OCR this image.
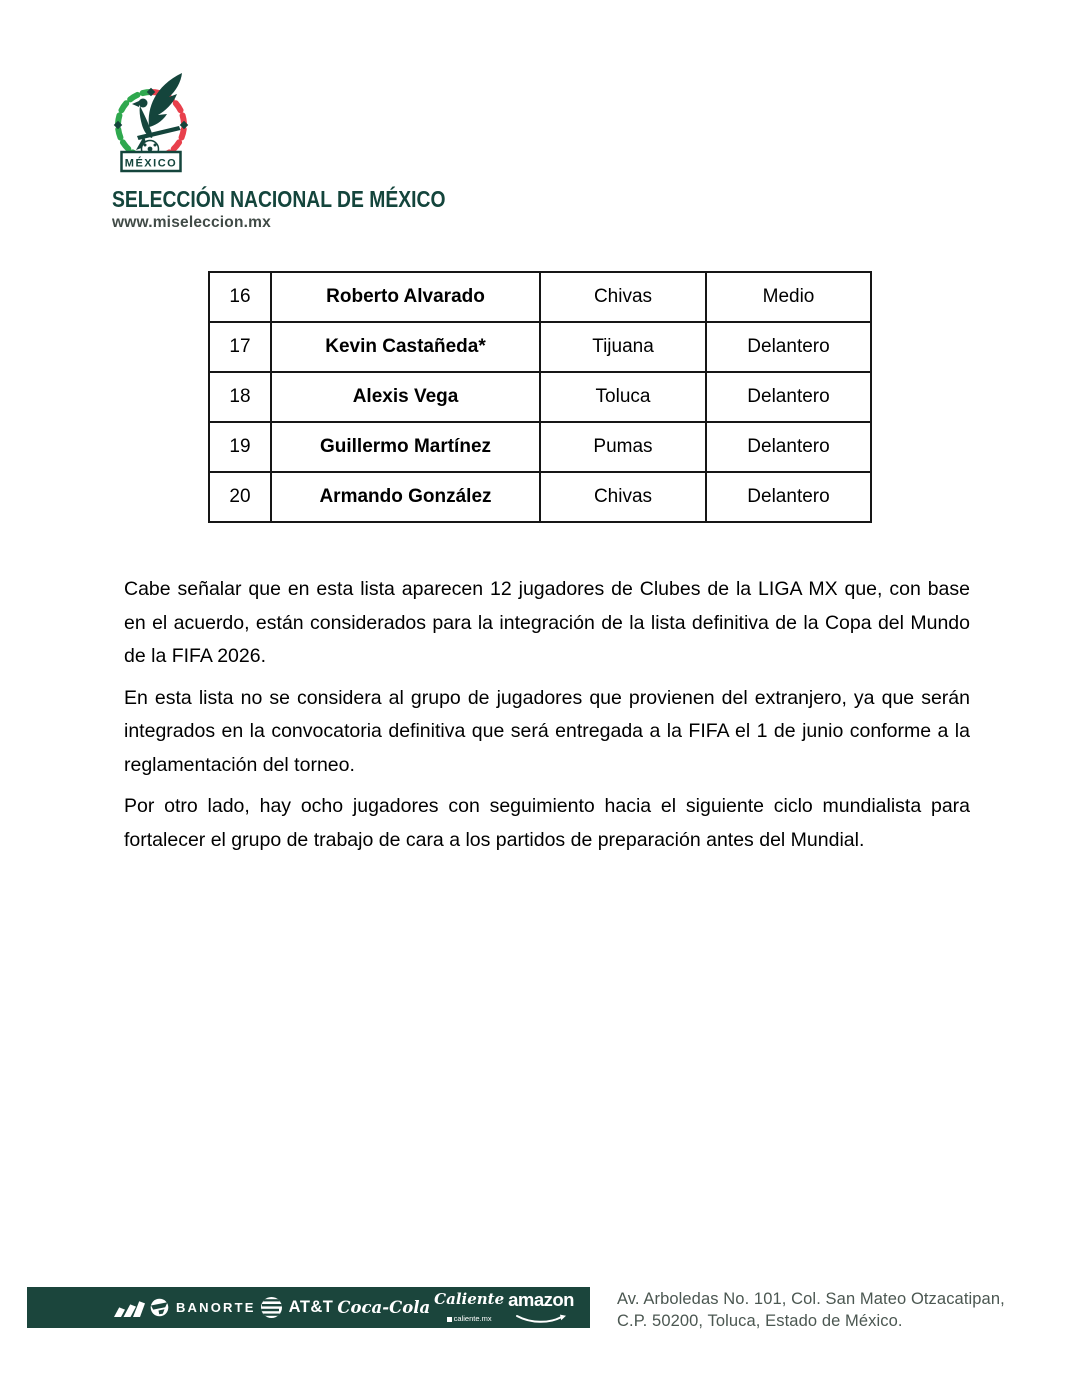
MÉXICO
SELECCIÓN NACIONAL DE MÉXICO
www.miseleccion.mx
16	Roberto Alvarado	Chivas	Medio
17	Kevin Castañeda*	Tijuana	Delantero
18	Alexis Vega	Toluca	Delantero
19	Guillermo Martínez	Pumas	Delantero
20	Armando González	Chivas	Delantero

Cabe señalar que en esta lista aparecen 12 jugadores de Clubes de la LIGA MX que, con base en el acuerdo, están considerados para la integración de la lista definitiva de la Copa del Mundo de la FIFA 2026.

En esta lista no se considera al grupo de jugadores que provienen del extranjero, ya que serán integrados en la convocatoria definitiva que será entregada a la FIFA el 1 de junio conforme a la reglamentación del torneo.

Por otro lado, hay ocho jugadores con seguimiento hacia el siguiente ciclo mundialista para fortalecer el grupo de trabajo de cara a los partidos de preparación antes del Mundial.

BANORTE AT&T Coca-Cola Caliente
caliente.mx
amazon	Av. Arboledas No. 101, Col. San Mateo Otzacatipan,
C.P. 50200, Toluca, Estado de México.
